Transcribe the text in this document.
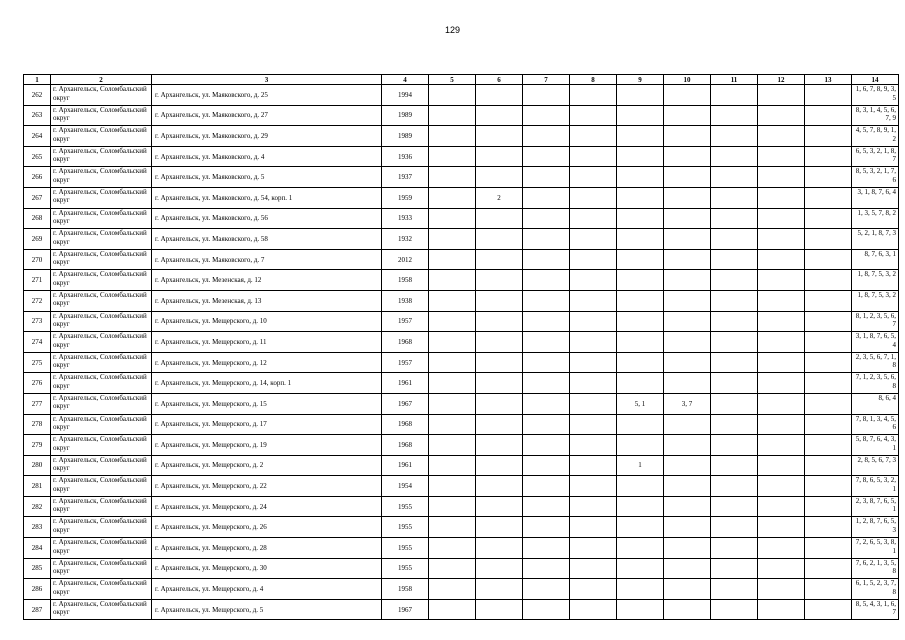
129
1	2	3	4	5	6	7	8	9	10	11	12	13	14
262	г. Архангельск, Соломбальский округ	г. Архангельск, ул. Маяковского, д. 25	1994										1, 6, 7, 8, 9, 3, 5
263	г. Архангельск, Соломбальский округ	г. Архангельск, ул. Маяковского, д. 27	1989										8, 3, 1, 4, 5, 6, 7, 9
264	г. Архангельск, Соломбальский округ	г. Архангельск, ул. Маяковского, д. 29	1989										4, 5, 7, 8, 9, 1, 2
265	г. Архангельск, Соломбальский округ	г. Архангельск, ул. Маяковского, д. 4	1936										6, 5, 3, 2, 1, 8, 7
266	г. Архангельск, Соломбальский округ	г. Архангельск, ул. Маяковского, д. 5	1937										8, 5, 3, 2, 1, 7, 6
267	г. Архангельск, Соломбальский округ	г. Архангельск, ул. Маяковского, д. 54, корп. 1	1959		2								3, 1, 8, 7, 6, 4
268	г. Архангельск, Соломбальский округ	г. Архангельск, ул. Маяковского, д. 56	1933										1, 3, 5, 7, 8, 2
269	г. Архангельск, Соломбальский округ	г. Архангельск, ул. Маяковского, д. 58	1932										5, 2, 1, 8, 7, 3
270	г. Архангельск, Соломбальский округ	г. Архангельск, ул. Маяковского, д. 7	2012										8, 7, 6, 3, 1
271	г. Архангельск, Соломбальский округ	г. Архангельск, ул. Мезенская, д. 12	1958										1, 8, 7, 5, 3, 2
272	г. Архангельск, Соломбальский округ	г. Архангельск, ул. Мезенская, д. 13	1938										1, 8, 7, 5, 3, 2
273	г. Архангельск, Соломбальский округ	г. Архангельск, ул. Мещерского, д. 10	1957										8, 1, 2, 3, 5, 6, 7
274	г. Архангельск, Соломбальский округ	г. Архангельск, ул. Мещерского, д. 11	1968										3, 1, 8, 7, 6, 5, 4
275	г. Архангельск, Соломбальский округ	г. Архангельск, ул. Мещерского, д. 12	1957										2, 3, 5, 6, 7, 1, 8
276	г. Архангельск, Соломбальский округ	г. Архангельск, ул. Мещерского, д. 14, корп. 1	1961										7, 1, 2, 3, 5, 6, 8
277	г. Архангельск, Соломбальский округ	г. Архангельск, ул. Мещерского, д. 15	1967					5, 1	3, 7				8, 6, 4
278	г. Архангельск, Соломбальский округ	г. Архангельск, ул. Мещерского, д. 17	1968										7, 8, 1, 3, 4, 5, 6
279	г. Архангельск, Соломбальский округ	г. Архангельск, ул. Мещерского, д. 19	1968										5, 8, 7, 6, 4, 3, 1
280	г. Архангельск, Соломбальский округ	г. Архангельск, ул. Мещерского, д. 2	1961					1					2, 8, 5, 6, 7, 3
281	г. Архангельск, Соломбальский округ	г. Архангельск, ул. Мещерского, д. 22	1954										7, 8, 6, 5, 3, 2, 1
282	г. Архангельск, Соломбальский округ	г. Архангельск, ул. Мещерского, д. 24	1955										2, 3, 8, 7, 6, 5, 1
283	г. Архангельск, Соломбальский округ	г. Архангельск, ул. Мещерского, д. 26	1955										1, 2, 8, 7, 6, 5, 3
284	г. Архангельск, Соломбальский округ	г. Архангельск, ул. Мещерского, д. 28	1955										7, 2, 6, 5, 3, 8, 1
285	г. Архангельск, Соломбальский округ	г. Архангельск, ул. Мещерского, д. 30	1955										7, 6, 2, 1, 3, 5, 8
286	г. Архангельск, Соломбальский округ	г. Архангельск, ул. Мещерского, д. 4	1958										6, 1, 5, 2, 3, 7, 8
287	г. Архангельск, Соломбальский округ	г. Архангельск, ул. Мещерского, д. 5	1967										8, 5, 4, 3, 1, 6, 7
